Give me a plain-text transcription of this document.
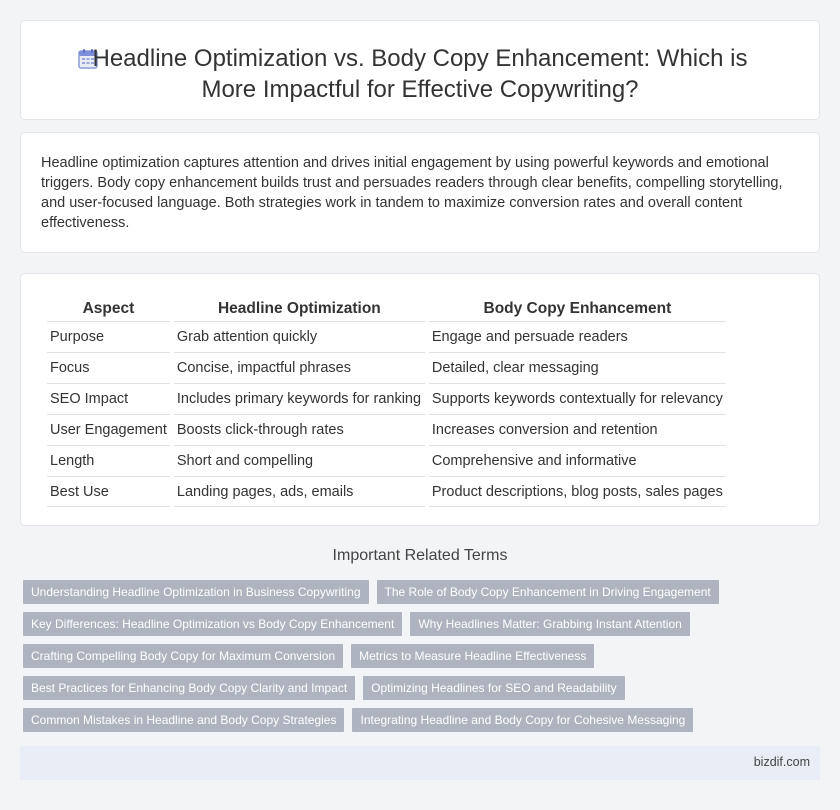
Headline Optimization vs. Body Copy Enhancement: Which is
More Impactful for Effective Copywriting?

Headline optimization captures attention and drives initial engagement by using powerful keywords and emotional triggers. Body copy enhancement builds trust and persuades readers through clear benefits, compelling storytelling, and user-focused language. Both strategies work in tandem to maximize conversion rates and overall content effectiveness.

Aspect	Headline Optimization	Body Copy Enhancement
Purpose	Grab attention quickly	Engage and persuade readers
Focus	Concise, impactful phrases	Detailed, clear messaging
SEO Impact	Includes primary keywords for ranking	Supports keywords contextually for relevancy
User Engagement	Boosts click-through rates	Increases conversion and retention
Length	Short and compelling	Comprehensive and informative
Best Use	Landing pages, ads, emails	Product descriptions, blog posts, sales pages
Important Related Terms
Understanding Headline Optimization in Business Copywriting	The Role of Body Copy Enhancement in Driving Engagement
Key Differences: Headline Optimization vs Body Copy Enhancement	Why Headlines Matter: Grabbing Instant Attention
Crafting Compelling Body Copy for Maximum Conversion	Metrics to Measure Headline Effectiveness
Best Practices for Enhancing Body Copy Clarity and Impact	Optimizing Headlines for SEO and Readability
Common Mistakes in Headline and Body Copy Strategies	Integrating Headline and Body Copy for Cohesive Messaging
bizdif.com
